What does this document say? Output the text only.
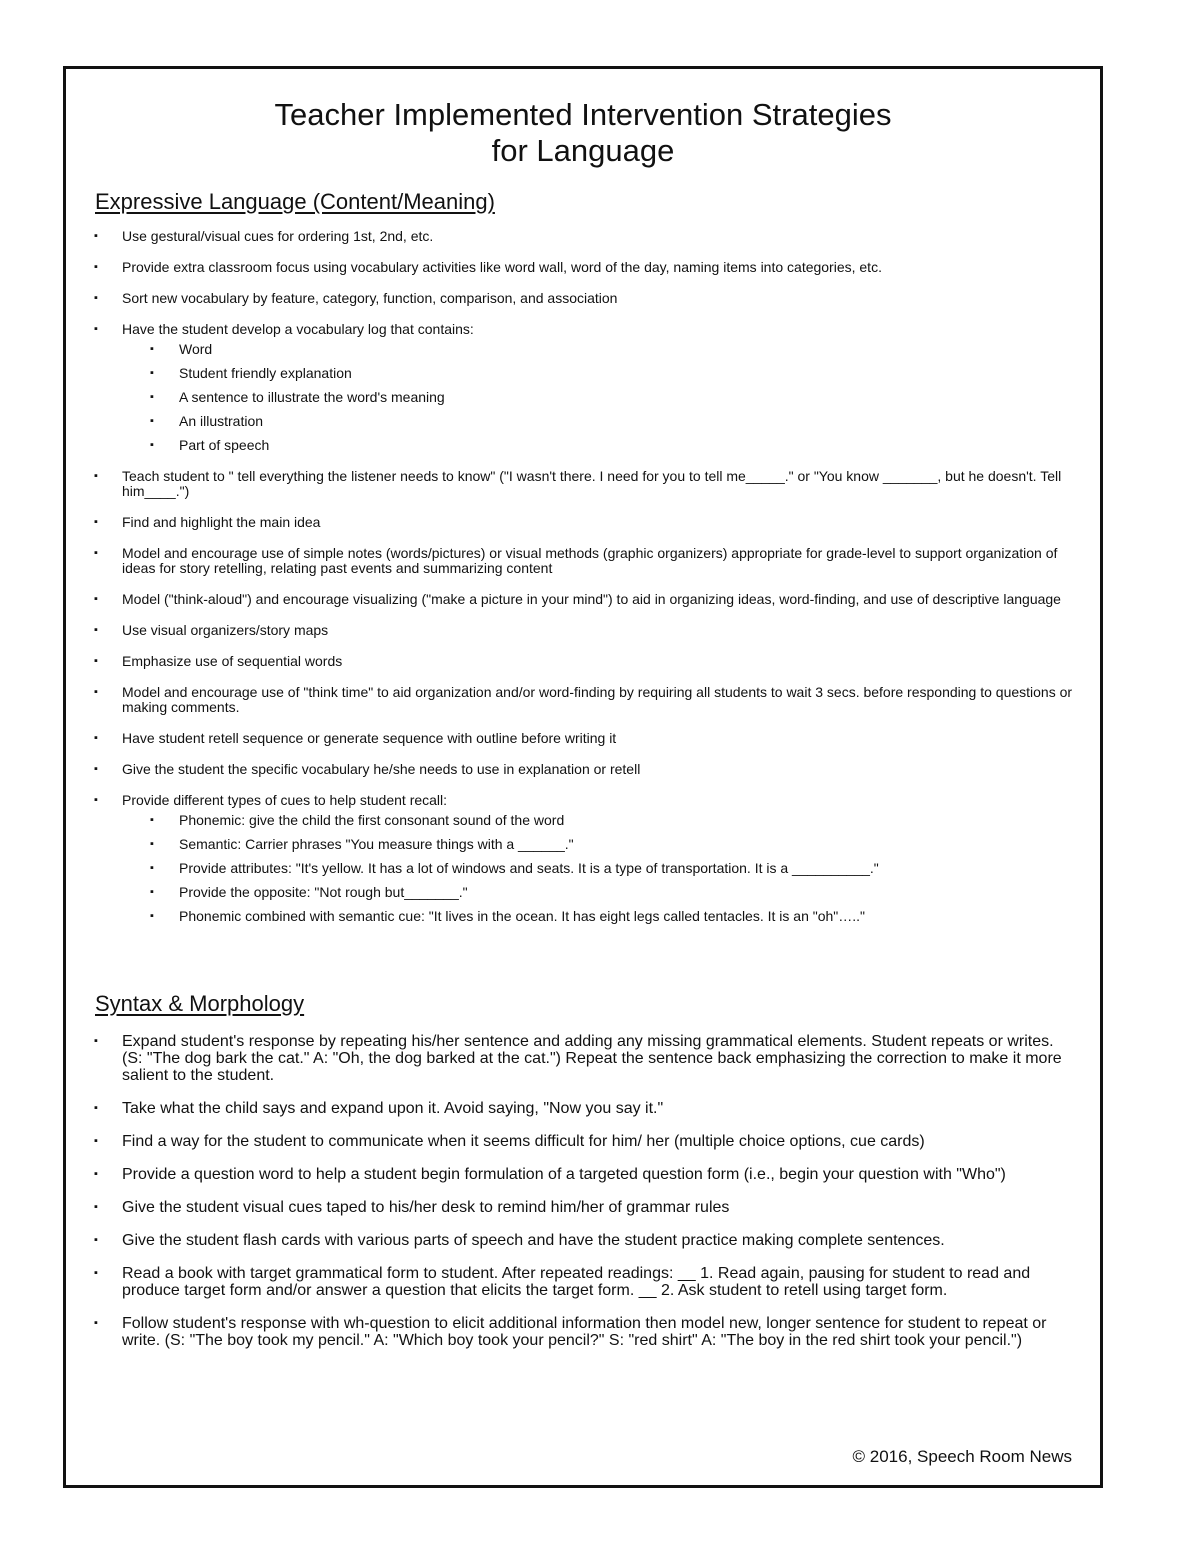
Teacher Implemented Intervention Strategies
for Language
Expressive Language (Content/Meaning)
▪	Use gestural/visual cues for ordering 1st, 2nd, etc.
▪	Provide extra classroom focus using vocabulary activities like word wall, word of the day, naming items into categories, etc.
▪	Sort new vocabulary by feature, category, function, comparison, and association
▪	Have the student develop a vocabulary log that contains:
▪	Word
▪	Student friendly explanation
▪	A sentence to illustrate the word's meaning
▪	An illustration
▪	Part of speech
▪	Teach student to " tell everything the listener needs to know" ("I wasn't there. I need for you to tell me_____." or "You know _______, but he doesn't. Tell him____.")
▪	Find and highlight the main idea
▪	Model and encourage use of simple notes (words/pictures) or visual methods (graphic organizers) appropriate for grade-level to support organization of ideas for story retelling, relating past events and summarizing content
▪	Model ("think-aloud") and encourage visualizing ("make a picture in your mind") to aid in organizing ideas, word-finding, and use of descriptive language
▪	Use visual organizers/story maps
▪	Emphasize use of sequential words
▪	Model and encourage use of "think time" to aid organization and/or word-finding by requiring all students to wait 3 secs. before responding to questions or making comments.
▪	Have student retell sequence or generate sequence with outline before writing it
▪	Give the student the specific vocabulary he/she needs to use in explanation or retell
▪	Provide different types of cues to help student recall:
▪	Phonemic: give the child the first consonant sound of the word
▪	Semantic: Carrier phrases "You measure things with a ______."
▪	Provide attributes: "It's yellow. It has a lot of windows and seats. It is a type of transportation. It is a __________."
▪	Provide the opposite: "Not rough but_______."
▪	Phonemic combined with semantic cue: "It lives in the ocean. It has eight legs called tentacles. It is an "oh"….."
Syntax & Morphology
▪	Expand student's response by repeating his/her sentence and adding any missing grammatical elements. Student repeats or writes. (S: "The dog bark the cat." A: "Oh, the dog barked at the cat.") Repeat the sentence back emphasizing the correction to make it more salient to the student.
▪	Take what the child says and expand upon it. Avoid saying, "Now you say it."
▪	Find a way for the student to communicate when it seems difficult for him/ her (multiple choice options, cue cards)
▪	Provide a question word to help a student begin formulation of a targeted question form (i.e., begin your question with "Who")
▪	Give the student visual cues taped to his/her desk to remind him/her of grammar rules
▪	Give the student flash cards with various parts of speech and have the student practice making complete sentences.
▪	Read a book with target grammatical form to student. After repeated readings: __ 1. Read again, pausing for student to read and produce target form and/or answer a question that elicits the target form. __ 2. Ask student to retell using target form.
▪	Follow student's response with wh-question to elicit additional information then model new, longer sentence for student to repeat or write. (S: "The boy took my pencil." A: "Which boy took your pencil?" S: "red shirt" A: "The boy in the red shirt took your pencil.")
© 2016, Speech Room News
